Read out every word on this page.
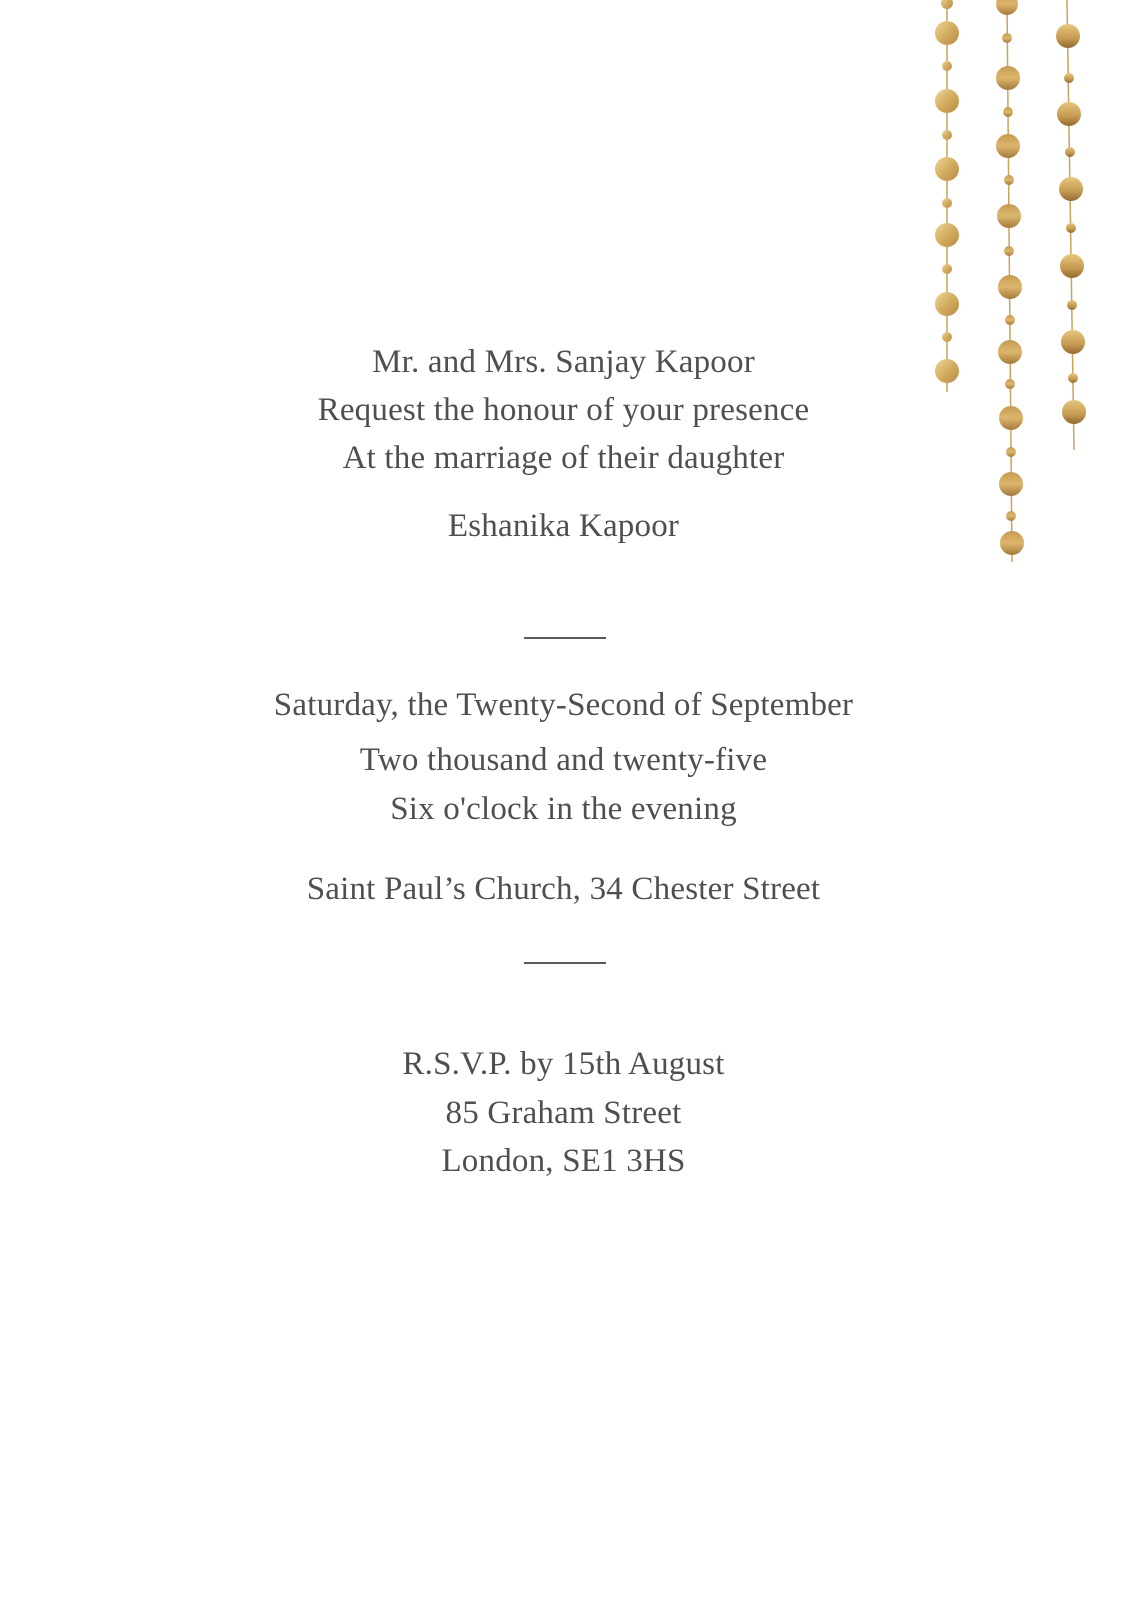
Mr. and Mrs. Sanjay Kapoor
Request the honour of your presence
At the marriage of their daughter
Eshanika Kapoor
Saturday, the Twenty-Second of September
Two thousand and twenty-five
Six o'clock in the evening
Saint Paul’s Church, 34 Chester Street
R.S.V.P. by 15th August
85 Graham Street
London, SE1 3HS
